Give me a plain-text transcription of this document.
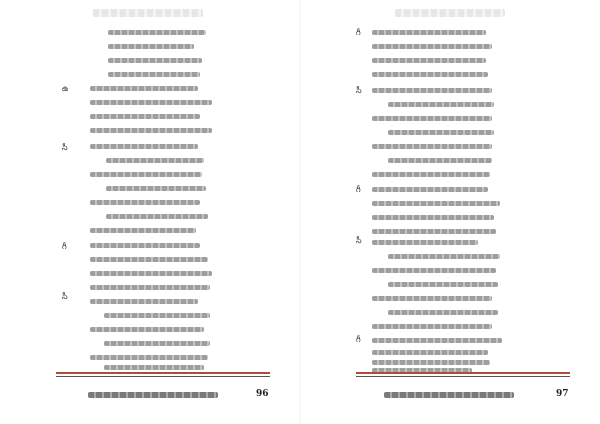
ఉ
సీ
గీ
సీ
96
గీ
సీ
గీ
సీ
గీ
97
